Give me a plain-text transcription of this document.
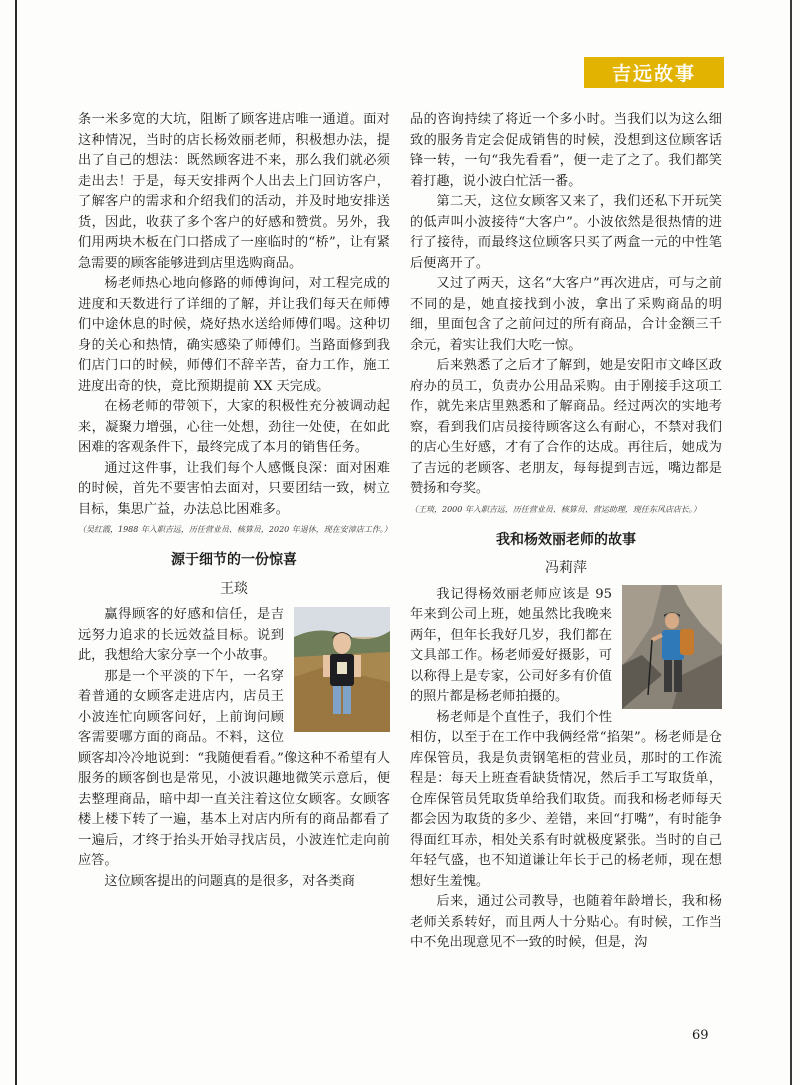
吉远故事

条一米多宽的大坑，阻断了顾客进店唯一通道。面对这种情况，当时的店长杨效丽老师，积极想办法，提出了自己的想法：既然顾客进不来，那么我们就必须走出去！于是，每天安排两个人出去上门回访客户，了解客户的需求和介绍我们的活动，并及时地安排送货，因此，收获了多个客户的好感和赞赏。另外，我们用两块木板在门口搭成了一座临时的“桥”，让有紧急需要的顾客能够进到店里选购商品。

杨老师热心地向修路的师傅询问，对工程完成的进度和天数进行了详细的了解，并让我们每天在师傅们中途休息的时候，烧好热水送给师傅们喝。这种切身的关心和热情，确实感染了师傅们。当路面修到我们店门口的时候，师傅们不辞辛苦，奋力工作，施工进度出奇的快，竟比预期提前 XX 天完成。

在杨老师的带领下，大家的积极性充分被调动起来，凝聚力增强，心往一处想，劲往一处使，在如此困难的客观条件下，最终完成了本月的销售任务。

通过这件事，让我们每个人感慨良深：面对困难的时候，首先不要害怕去面对，只要团结一致，树立目标，集思广益，办法总比困难多。

（吴红霞，1988 年入职吉远，历任营业员、核算员，2020 年退休，现在安漳店工作。）

源于细节的一份惊喜
王琰

赢得顾客的好感和信任，是吉远努力追求的长远效益目标。说到此，我想给大家分享一个小故事。

那是一个平淡的下午，一名穿着普通的女顾客走进店内，店员王小波连忙向顾客问好，上前询问顾客需要哪方面的商品。不料，这位顾客却冷冷地说到：“我随便看看。”像这种不希望有人服务的顾客倒也是常见，小波识趣地微笑示意后，便去整理商品，暗中却一直关注着这位女顾客。女顾客楼上楼下转了一遍，基本上对店内所有的商品都看了一遍后，才终于抬头开始寻找店员，小波连忙走向前应答。

这位顾客提出的问题真的是很多，对各类商

品的咨询持续了将近一个多小时。当我们以为这么细致的服务肯定会促成销售的时候，没想到这位顾客话锋一转，一句“我先看看”，便一走了之了。我们都笑着打趣，说小波白忙活一番。

第二天，这位女顾客又来了，我们还私下开玩笑的低声叫小波接待“大客户”。小波依然是很热情的进行了接待，而最终这位顾客只买了两盒一元的中性笔后便离开了。

又过了两天，这名“大客户”再次进店，可与之前不同的是，她直接找到小波，拿出了采购商品的明细，里面包含了之前问过的所有商品，合计金额三千余元，着实让我们大吃一惊。

后来熟悉了之后才了解到，她是安阳市文峰区政府办的员工，负责办公用品采购。由于刚接手这项工作，就先来店里熟悉和了解商品。经过两次的实地考察，看到我们店员接待顾客这么有耐心，不禁对我们的店心生好感，才有了合作的达成。再往后，她成为了吉远的老顾客、老朋友，每每提到吉远，嘴边都是赞扬和夸奖。

（王琰，2000 年入职吉远，历任营业员、核算员、营运助理，现任东风店店长。）

我和杨效丽老师的故事
冯莉萍

我记得杨效丽老师应该是 95 年来到公司上班，她虽然比我晚来两年，但年长我好几岁，我们都在文具部工作。杨老师爱好摄影，可以称得上是专家，公司好多有价值的照片都是杨老师拍摄的。

杨老师是个直性子，我们个性相仿，以至于在工作中我俩经常“掐架”。杨老师是仓库保管员，我是负责钢笔柜的营业员，那时的工作流程是：每天上班查看缺货情况，然后手工写取货单，仓库保管员凭取货单给我们取货。而我和杨老师每天都会因为取货的多少、差错，来回“打嘴”，有时能争得面红耳赤，相处关系有时就极度紧张。当时的自己年轻气盛，也不知道谦让年长于己的杨老师，现在想想好生羞愧。

后来，通过公司教导，也随着年龄增长，我和杨老师关系转好，而且两人十分贴心。有时候，工作当中不免出现意见不一致的时候，但是，沟

69
